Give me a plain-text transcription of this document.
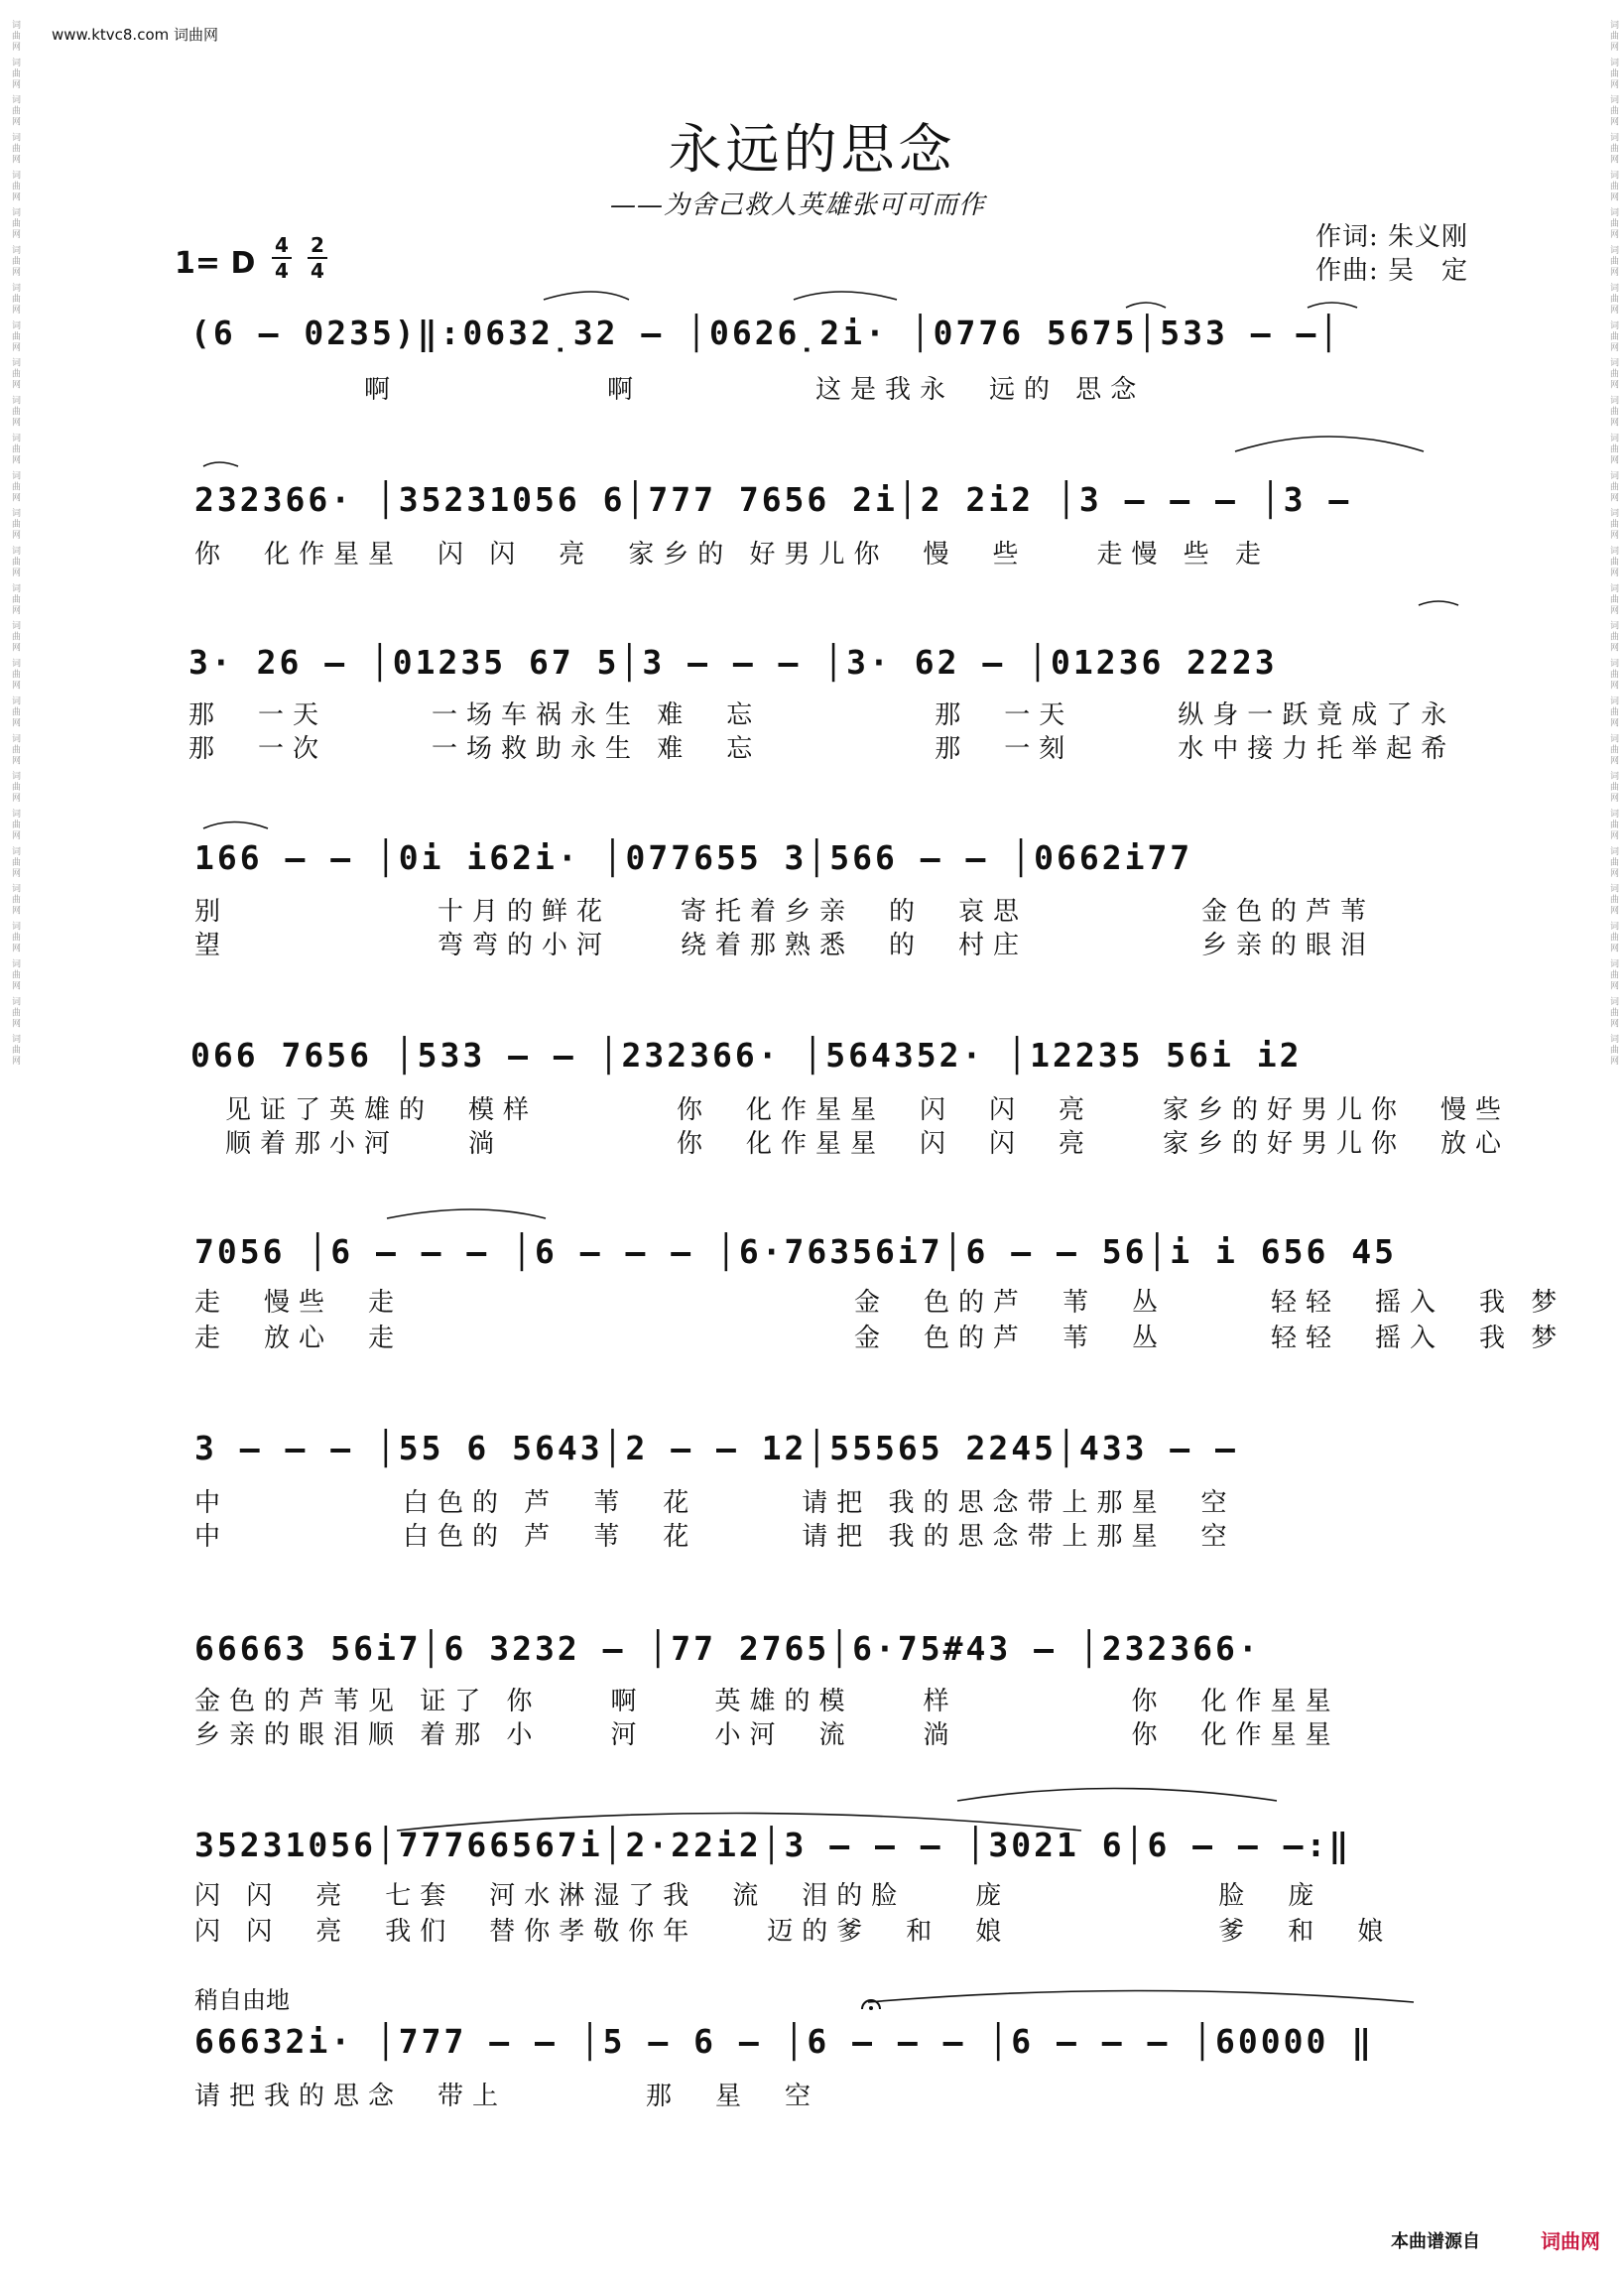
www.ktvc8.com 词曲网
词曲网 词曲网 词曲网 词曲网 词曲网 词曲网 词曲网 词曲网 词曲网 词曲网 词曲网 词曲网 词曲网 词曲网 词曲网 词曲网 词曲网 词曲网 词曲网 词曲网 词曲网 词曲网 词曲网 词曲网 词曲网 词曲网 词曲网 词曲网	词曲网 词曲网 词曲网 词曲网 词曲网 词曲网 词曲网 词曲网 词曲网 词曲网 词曲网 词曲网 词曲网 词曲网 词曲网 词曲网 词曲网 词曲网 词曲网 词曲网 词曲网 词曲网 词曲网 词曲网 词曲网 词曲网 词曲网 词曲网
永远的思念
——为舍己救人英雄张可可而作
作词: 朱义刚
作曲: 吴　定
1= D
4
4
2
4
(6 – 0235)‖:0632̣32 – │0626̣2i· │0776 5675│533 – –│
　　　　　啊　　　　　　啊　　　　　这是我永　远的 思念
232366· │35231056 6│777 7656 2i│2 2i2 │3 – – – │3 –
你　化作星星　闪 闪　亮　家乡的 好男儿你　慢　些　　走慢 些 走
3· 26 – │01235 67 5│3 – – – │3· 62 – │01236 2223
那　一天　　　一场车祸永生 难　忘　　　　　那　一天　　　纵身一跃竟成了永
那　一次　　　一场救助永生 难　忘　　　　　那　一刻　　　水中接力托举起希
166 – – │0i i62i· │077655 3│566 – – │0662i77
别　　　　　　十月的鲜花　　寄托着乡亲　的　哀思　　　　　金色的芦苇
望　　　　　　弯弯的小河　　绕着那熟悉　的　村庄　　　　　乡亲的眼泪
066 7656 │533 – – │232366· │564352· │12235 56i i2
　见证了英雄的　模样　　　　你　化作星星　闪　闪　亮　　家乡的好男儿你　慢些
　顺着那小河　　淌　　　　　你　化作星星　闪　闪　亮　　家乡的好男儿你　放心
7056 │6 – – – │6 – – – │6·76356i7│6 – – 56│i i 656 45
走　慢些　走　　　　　　　　　　　　　金　色的芦　苇　丛　　　轻轻　摇入　我 梦
走　放心　走　　　　　　　　　　　　　金　色的芦　苇　丛　　　轻轻　摇入　我 梦
3 – – – │55 6 5643│2 – – 12│55565 2245│433 – –
中　　　　　白色的 芦　苇　花　　　请把 我的思念带上那星　空
中　　　　　白色的 芦　苇　花　　　请把 我的思念带上那星　空
66663 56i7│6 3232 – │77 2765│6·75#43 – │232366·
金色的芦苇见 证了 你　　啊　　英雄的模　　样　　　　　你　化作星星
乡亲的眼泪顺 着那 小　　河　　小河　流　　淌　　　　　你　化作星星
35231056│77766567i│2·22i2│3 – – – │3021 6│6 – – –:‖
闪 闪　亮　七套　河水淋湿了我　流　泪的脸　　庞　　　　　　脸　庞
闪 闪　亮　我们　替你孝敬你年　　迈的爹　和　娘　　　　　　爹　和　娘
稍自由地
66632i· │777 – – │5 – 6 – │6 – – – │6 – – – │60000 ‖
请把我的思念　带上　　　　那　星　空
本曲谱源自	词曲网
